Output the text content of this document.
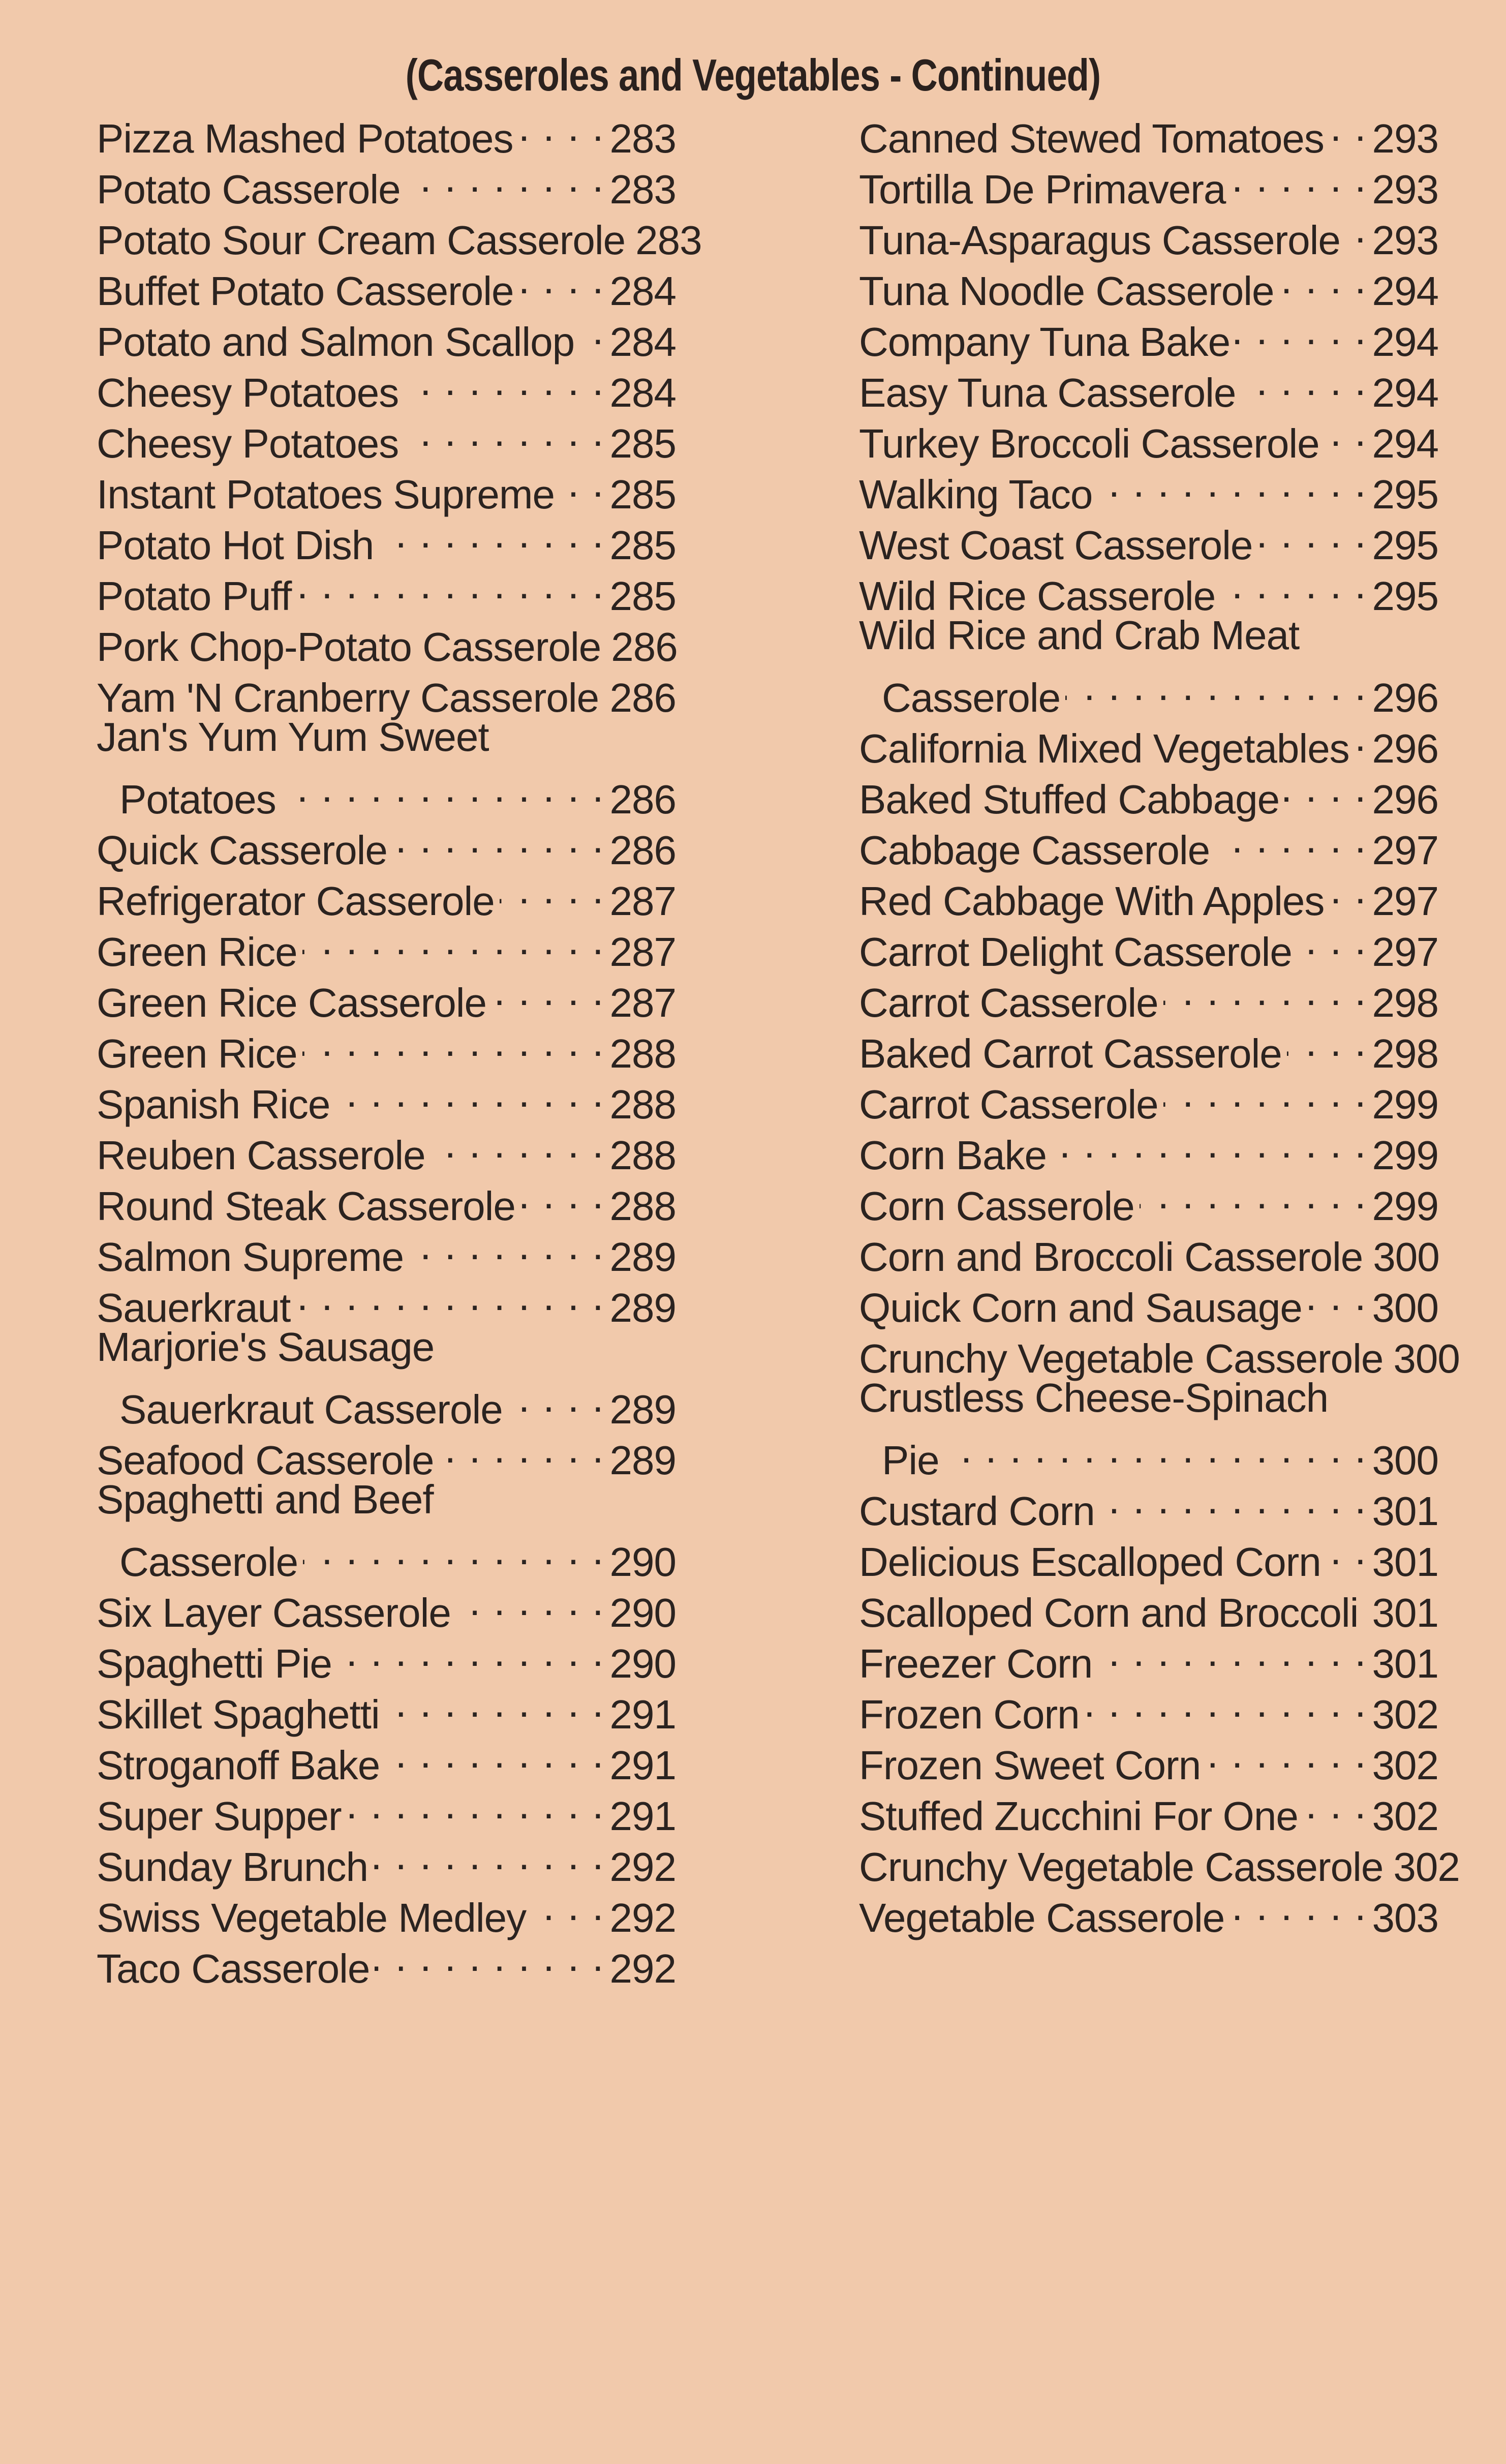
(Casseroles and Vegetables - Continued)
Pizza Mashed Potatoes . . . 283
Potato Casserole . . .	283
Potato Sour Cream Casserole 283
Buffet Potato Casserole . . . 284
Potato and Salmon Scallop . . . 284
Cheesy Potatoes . . .	284
Cheesy Potatoes . . .	285
Instant Potatoes Supreme . . . 285
Potato Hot Dish . . .	285
Potato Puff . . .	285
Pork Chop-Potato Casserole 286
Yam 'N Cranberry Casserole . . . 286
Jan's Yum Yum Sweet
Potatoes . . .	286
Quick Casserole . . .	286
Refrigerator Casserole . . .	287
Green Rice . . .	287
Green Rice Casserole . . .	287
Green Rice . . .	288
Spanish Rice . . .	288
Reuben Casserole . . .	288
Round Steak Casserole . . . 288
Salmon Supreme . . .	289
Sauerkraut . . .	289
Marjorie's Sausage
Sauerkraut Casserole . . .	289
Seafood Casserole . . .	289
Spaghetti and Beef
Casserole . . .	290
Six Layer Casserole . . .	290
Spaghetti Pie . . .	290
Skillet Spaghetti . . .	291
Stroganoff Bake . . .	291
Super Supper . . .	291
Sunday Brunch . . .	292
Swiss Vegetable Medley . . . 292
Taco Casserole . . .	292
Canned Stewed Tomatoes . . . 293
Tortilla De Primavera . . .	293
Tuna-Asparagus Casserole . . . 293
Tuna Noodle Casserole . . . 294
Company Tuna Bake . . .	294
Easy Tuna Casserole . . .	294
Turkey Broccoli Casserole . . . 294
Walking Taco . . .	295
West Coast Casserole . . .	295
Wild Rice Casserole . . .	295
Wild Rice and Crab Meat
Casserole . . .	296
California Mixed Vegetables . . . 296
Baked Stuffed Cabbage . . . 296
Cabbage Casserole . . .	297
Red Cabbage With Apples . . . 297
Carrot Delight Casserole . . . 297
Carrot Casserole . . .	298
Baked Carrot Casserole . . . 298
Carrot Casserole . . .	299
Corn Bake . . .	299
Corn Casserole . . .	299
Corn and Broccoli Casserole 300
Quick Corn and Sausage . . . 300
Crunchy Vegetable Casserole 300
Crustless Cheese-Spinach
Pie . . .	300
Custard Corn . . .	301
Delicious Escalloped Corn . . . 301
Scalloped Corn and Broccoli . . . 301
Freezer Corn . . .	301
Frozen Corn . . .	302
Frozen Sweet Corn . . .	302
Stuffed Zucchini For One . . . 302
Crunchy Vegetable Casserole 302
Vegetable Casserole . . .	303
